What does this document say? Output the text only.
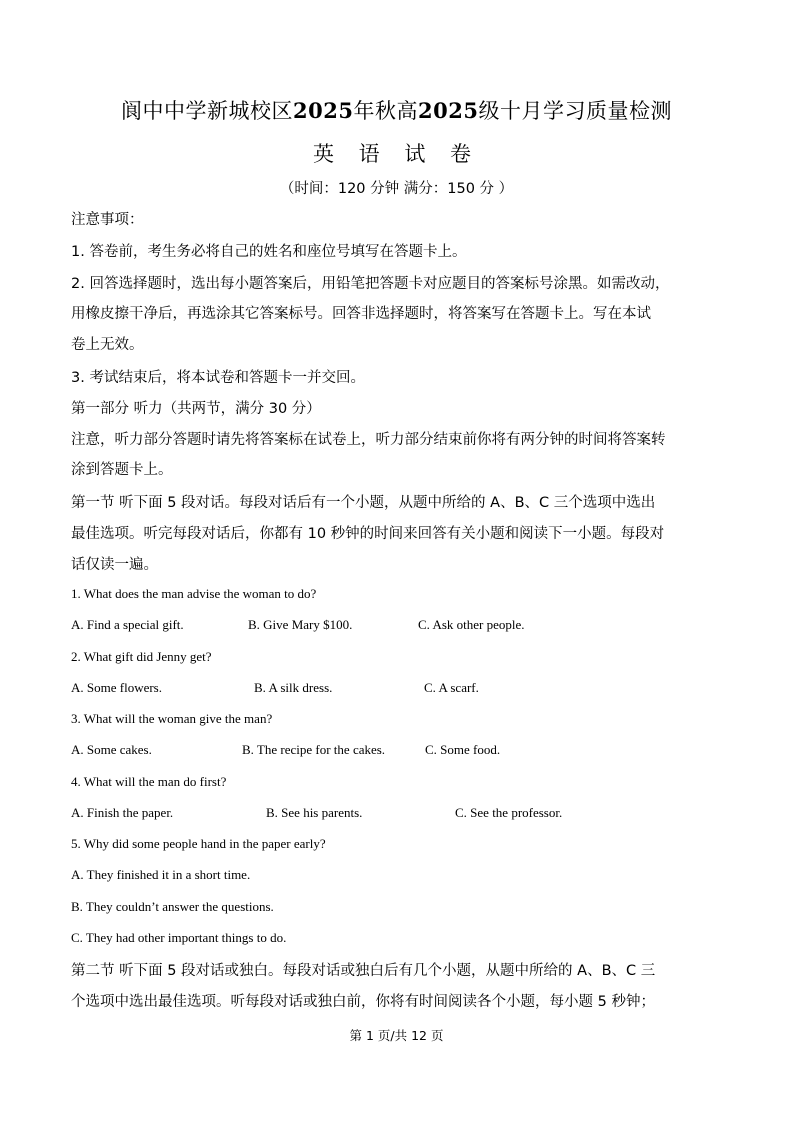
阆中中学新城校区2025年秋高2025级十月学习质量检测
英 语 试 卷
（时间：120 分钟 满分：150 分 ）
注意事项：
1. 答卷前，考生务必将自己的姓名和座位号填写在答题卡上。
2. 回答选择题时，选出每小题答案后，用铅笔把答题卡对应题目的答案标号涂黑。如需改动，
用橡皮擦干净后，再选涂其它答案标号。回答非选择题时，将答案写在答题卡上。写在本试
卷上无效。
3. 考试结束后，将本试卷和答题卡一并交回。
第一部分 听力（共两节，满分 30 分）
注意，听力部分答题时请先将答案标在试卷上，听力部分结束前你将有两分钟的时间将答案转
涂到答题卡上。
第一节 听下面 5 段对话。每段对话后有一个小题，从题中所给的 A、B、C 三个选项中选出
最佳选项。听完每段对话后，你都有 10 秒钟的时间来回答有关小题和阅读下一小题。每段对
话仅读一遍。
1. What does the man advise the woman to do?
A. Find a special gift.	B. Give Mary $100.	C. Ask other people.
2. What gift did Jenny get?
A. Some flowers.	B. A silk dress.	C. A scarf.
3. What will the woman give the man?
A. Some cakes.	B. The recipe for the cakes.	C. Some food.
4. What will the man do first?
A. Finish the paper.	B. See his parents.	C. See the professor.
5. Why did some people hand in the paper early?
A. They finished it in a short time.
B. They couldn’t answer the questions.
C. They had other important things to do.
第二节 听下面 5 段对话或独白。每段对话或独白后有几个小题，从题中所给的 A、B、C 三
个选项中选出最佳选项。听每段对话或独白前，你将有时间阅读各个小题，每小题 5 秒钟；
第 1 页/共 12 页
